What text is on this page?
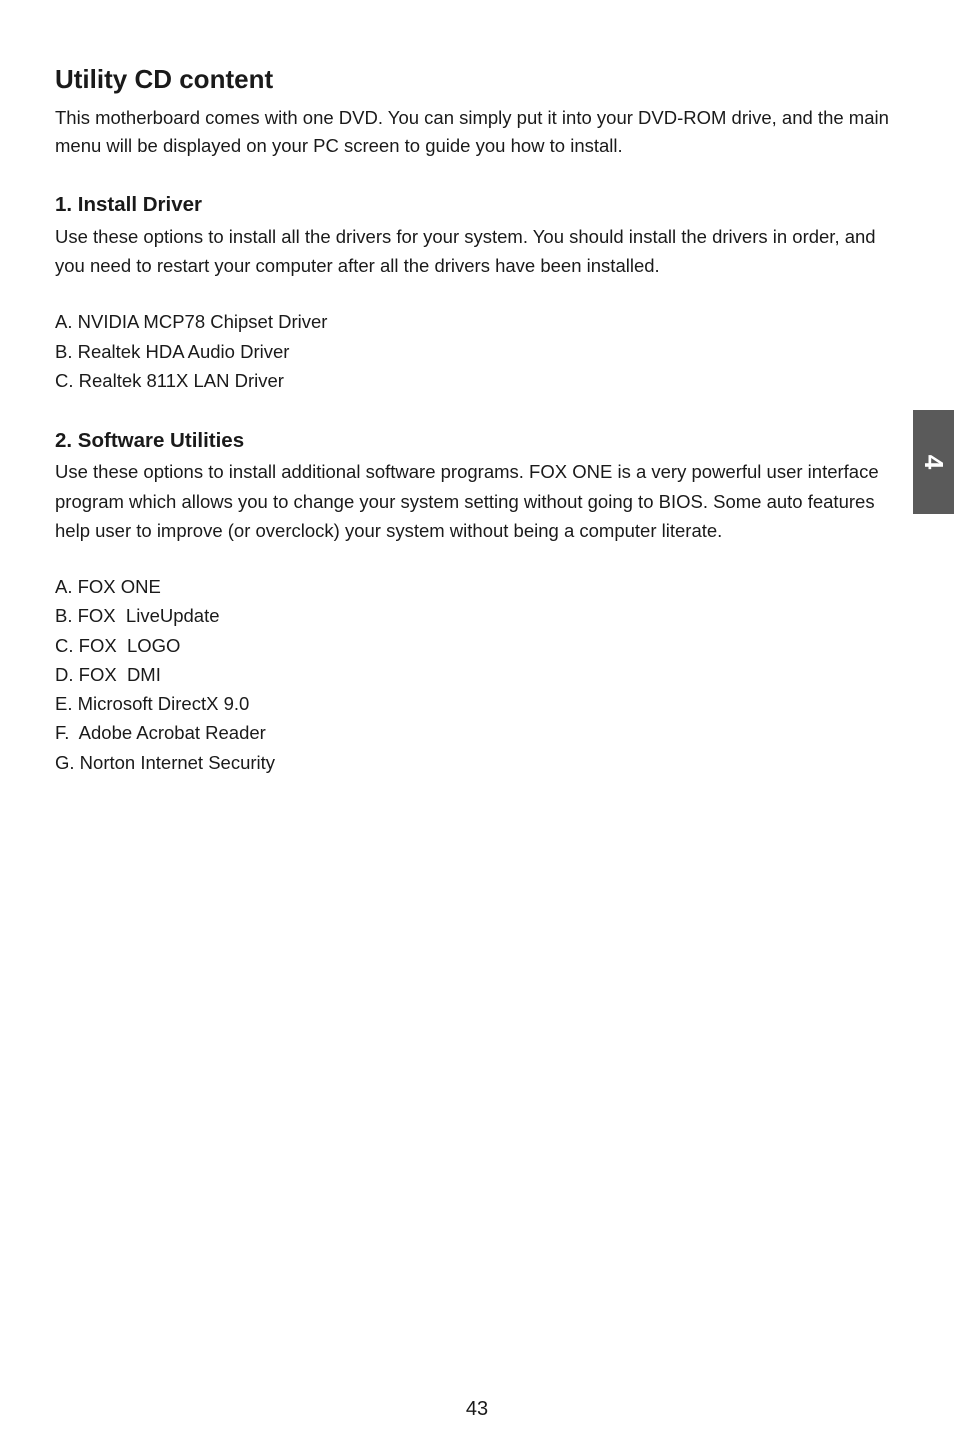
Utility CD content

This motherboard comes with one DVD. You can simply put it into your DVD-ROM drive, and the main menu will be displayed on your PC screen to guide you how to install.

1. Install Driver

Use these options to install all the drivers for your system. You should install the drivers in order, and you need to restart your computer after all the drivers have been installed.

A. NVIDIA MCP78 Chipset Driver
B. Realtek HDA Audio Driver
C. Realtek 811X LAN Driver
2. Software Utilities

Use these options to install additional software programs. FOX ONE is a very powerful user interface program which allows you to change your system setting without going to BIOS. Some auto features help user to improve (or overclock) your system without being a computer literate.

A. FOX ONE
B. FOX  LiveUpdate
C. FOX  LOGO
D. FOX  DMI
E. Microsoft DirectX 9.0
F.  Adobe Acrobat Reader
G. Norton Internet Security
4
43
